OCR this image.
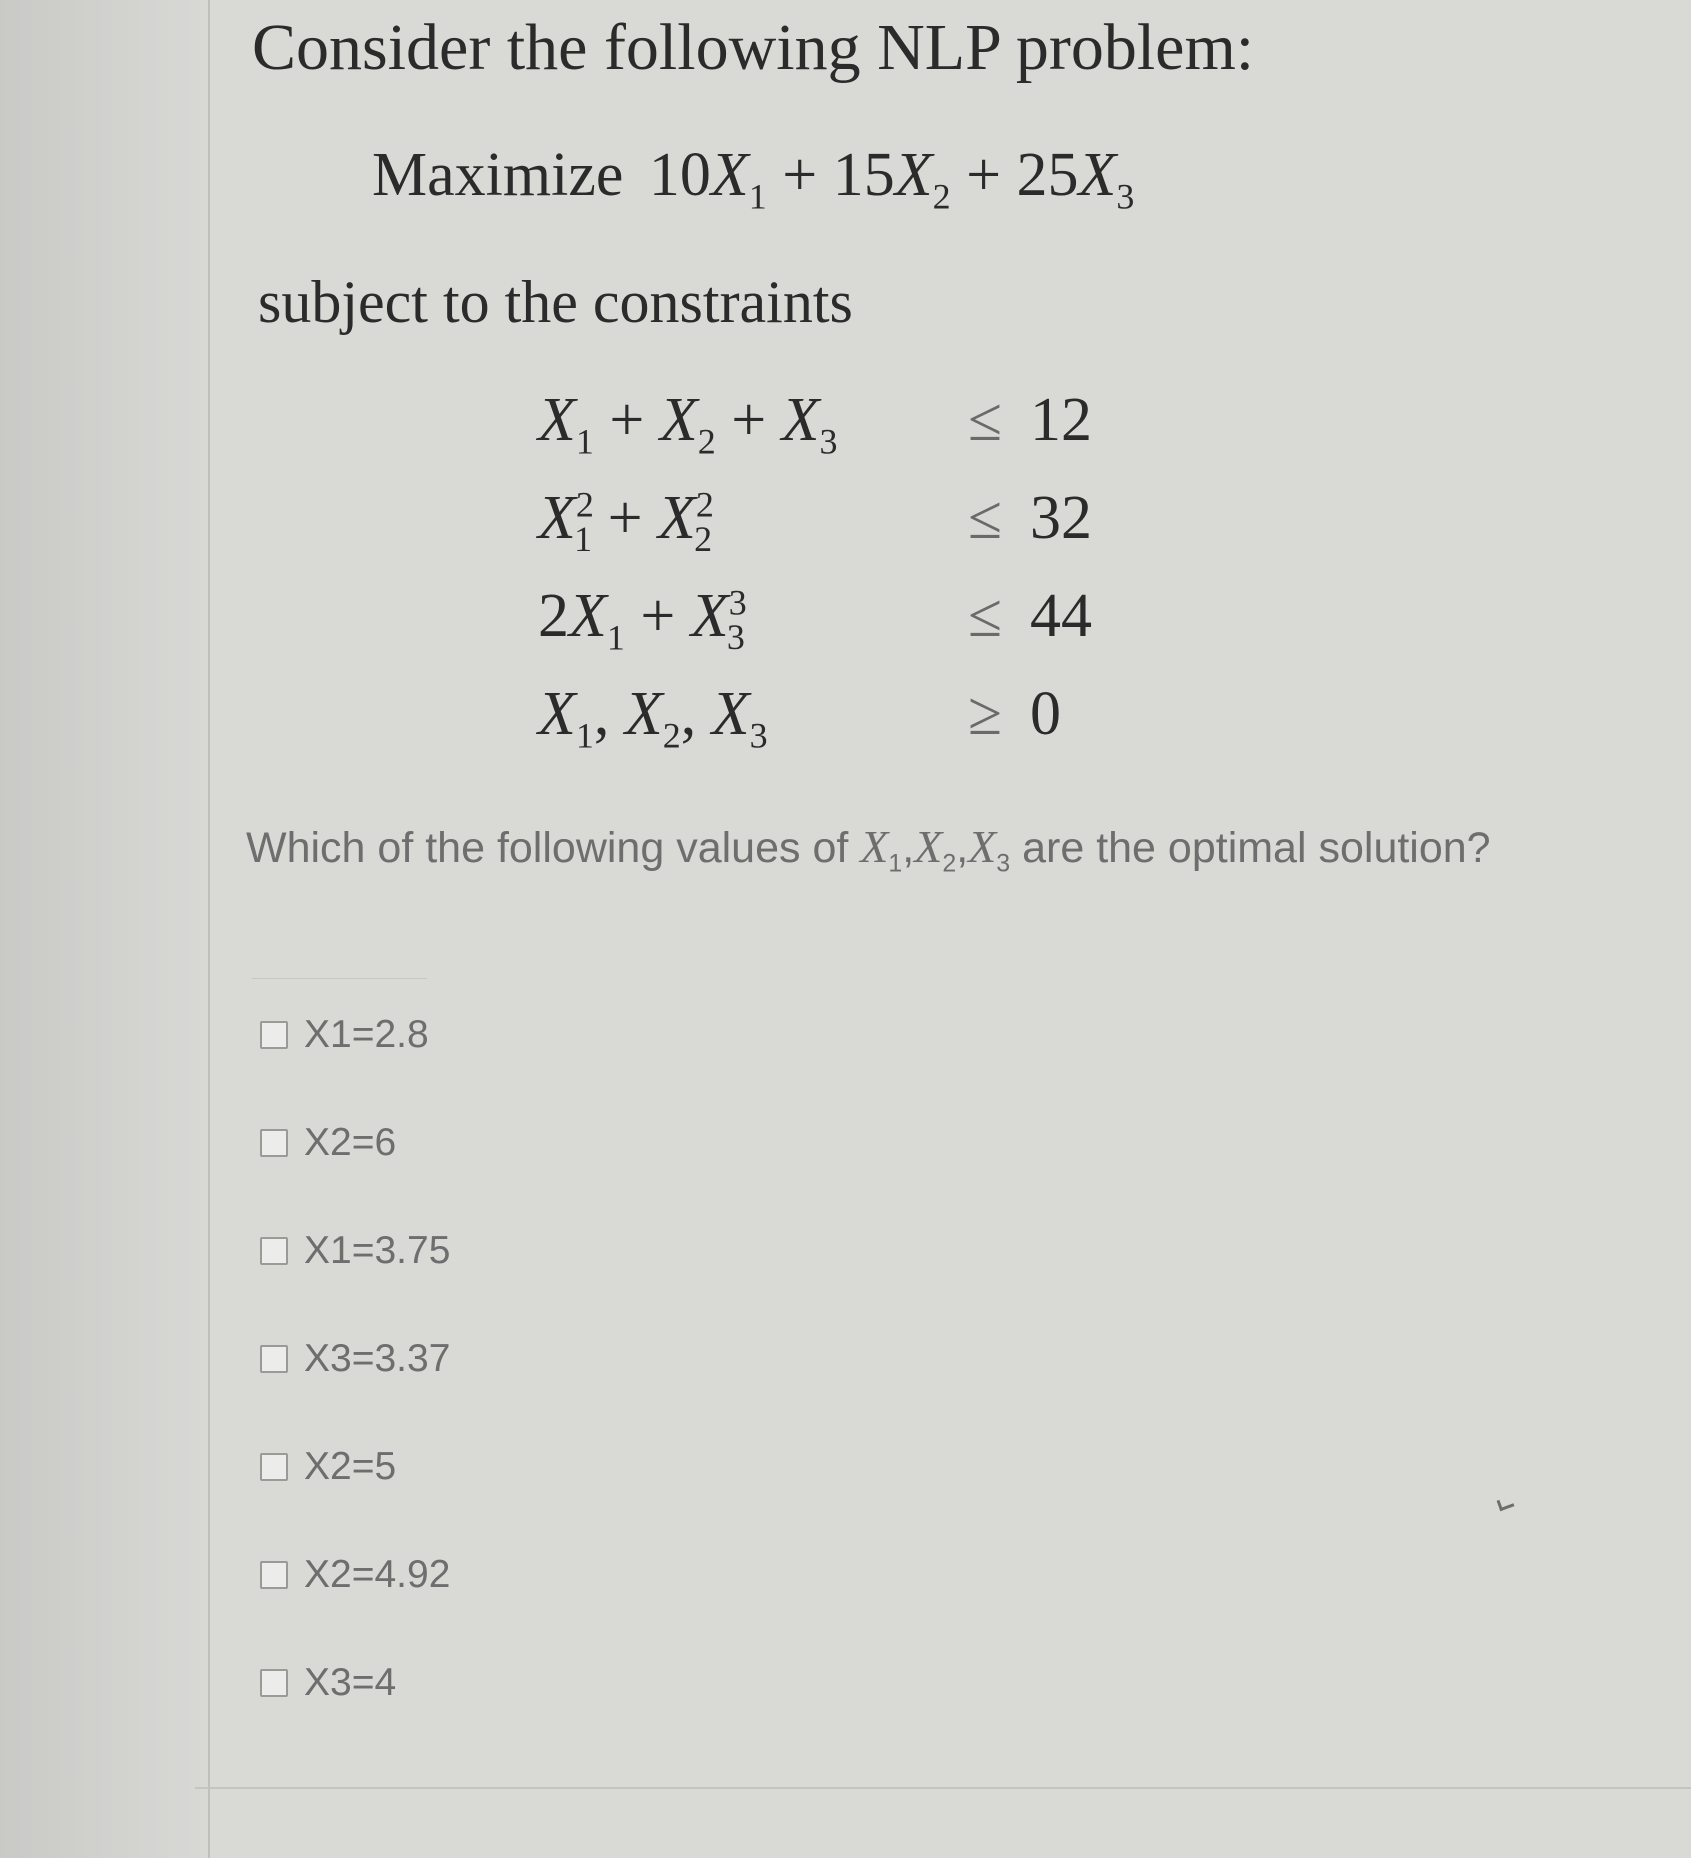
Consider the following NLP problem:
Maximize $10X_1 + 15X_2 + 25X_3$
subject to the constraints
$X_1 + X_2 + X_3 \le 12$
$X^2_1 + X^2_2$	≤ 32
$2X_1 + X^3_3$	≤ 44
$X_1$, $X_2$, $X_3$	≥ 0
Which of the following values of $X_1,X_2,X_3$ are the optimal solution?
X1=2.8
X2=6
X1=3.75
X3=3.37
X2=5
X2=4.92
X3=4
